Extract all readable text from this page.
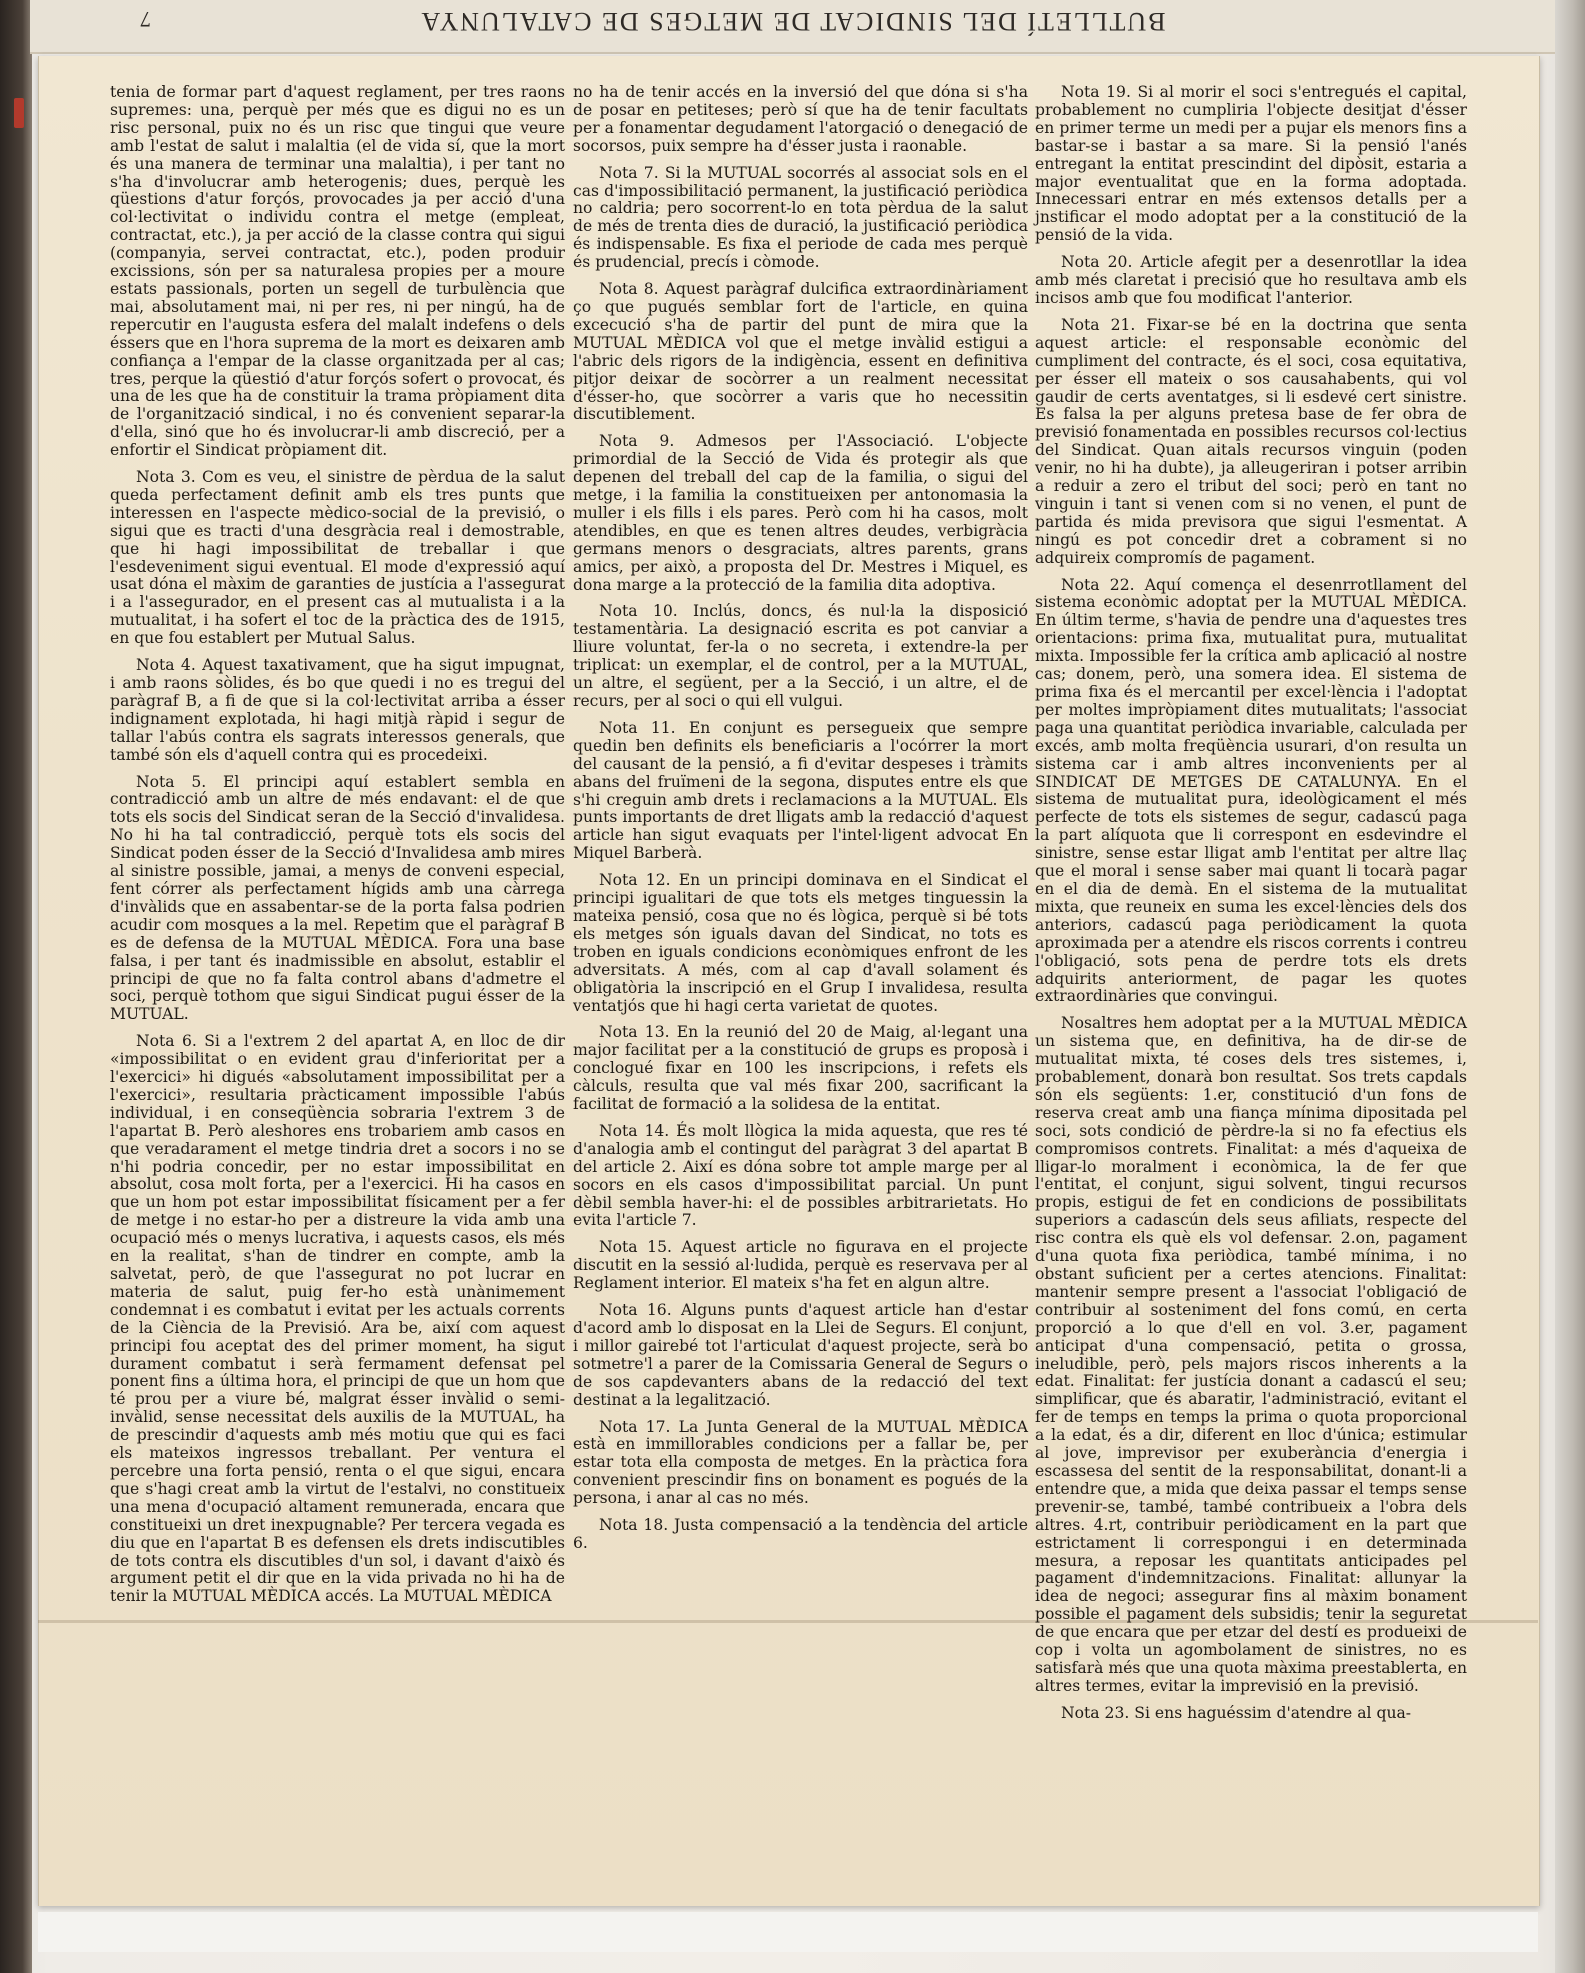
7	BUTLLETÍ DEL SINDICAT DE METGES DE CATALUNYA

tenia de formar part d'aquest reglament, per tres raons supremes: una, perquè per més que es digui no es un risc personal, puix no és un risc que tingui que veure amb l'estat de salut i malaltia (el de vida sí, que la mort és una manera de terminar una malaltia), i per tant no s'ha d'involucrar amb heterogenis; dues, perquè les qüestions d'atur forçós, provocades ja per acció d'una col·lectivitat o individu contra el metge (empleat, contractat, etc.), ja per acció de la classe contra qui sigui (companyia, servei contractat, etc.), poden produir excissions, són per sa naturalesa propies per a moure estats passionals, porten un segell de turbulència que mai, absolutament mai, ni per res, ni per ningú, ha de repercutir en l'augusta esfera del malalt indefens o dels éssers que en l'hora suprema de la mort es deixaren amb confiança a l'empar de la classe organitzada per al cas; tres, perque la qüestió d'atur forçós sofert o provocat, és una de les que ha de constituir la trama pròpiament dita de l'organització sindical, i no és convenient separar-la d'ella, sinó que ho és involucrar-li amb discreció, per a enfortir el Sindicat pròpiament dit.

Nota 3. Com es veu, el sinistre de pèrdua de la salut queda perfectament definit amb els tres punts que interessen en l'aspecte mèdico-social de la previsió, o sigui que es tracti d'una desgràcia real i demostrable, que hi hagi impossibilitat de treballar i que l'esdeveniment sigui eventual. El mode d'expressió aquí usat dóna el màxim de garanties de justícia a l'assegurat i a l'assegurador, en el present cas al mutualista i a la mutualitat, i ha sofert el toc de la pràctica des de 1915, en que fou establert per Mutual Salus.

Nota 4. Aquest taxativament, que ha sigut impugnat, i amb raons sòlides, és bo que quedi i no es tregui del paràgraf B, a fi de que si la col·lectivitat arriba a ésser indignament explotada, hi hagi mitjà ràpid i segur de tallar l'abús contra els sagrats interessos generals, que també són els d'aquell contra qui es procedeixi.

Nota 5. El principi aquí establert sembla en contradicció amb un altre de més endavant: el de que tots els socis del Sindicat seran de la Secció d'invalidesa. No hi ha tal contradicció, perquè tots els socis del Sindicat poden ésser de la Secció d'Invalidesa amb mires al sinistre possible, jamai, a menys de conveni especial, fent córrer als perfectament hígids amb una càrrega d'invàlids que en assabentar-se de la porta falsa podrien acudir com mosques a la mel. Repetim que el paràgraf B es de defensa de la MUTUAL MÈDICA. Fora una base falsa, i per tant és inadmissible en absolut, establir el principi de que no fa falta control abans d'admetre el soci, perquè tothom que sigui Sindicat pugui ésser de la MUTUAL.

Nota 6. Si a l'extrem 2 del apartat A, en lloc de dir «impossibilitat o en evident grau d'inferioritat per a l'exercici» hi digués «absolutament impossibilitat per a l'exercici», resultaria pràcticament impossible l'abús individual, i en conseqüència sobraria l'extrem 3 de l'apartat B. Però aleshores ens trobariem amb casos en que veradarament el metge tindria dret a socors i no se n'hi podria concedir, per no estar impossibilitat en absolut, cosa molt forta, per a l'exercici. Hi ha casos en que un hom pot estar impossibilitat físicament per a fer de metge i no estar-ho per a distreure la vida amb una ocupació més o menys lucrativa, i aquests casos, els més en la realitat, s'han de tindrer en compte, amb la salvetat, però, de que l'assegurat no pot lucrar en materia de salut, puig fer-ho està unànimement condemnat i es combatut i evitat per les actuals corrents de la Ciència de la Previsió. Ara be, així com aquest principi fou aceptat des del primer moment, ha sigut durament combatut i serà fermament defensat pel ponent fins a última hora, el principi de que un hom que té prou per a viure bé, malgrat ésser invàlid o semi-invàlid, sense necessitat dels auxilis de la MUTUAL, ha de prescindir d'aquests amb més motiu que qui es faci els mateixos ingressos treballant. Per ventura el percebre una forta pensió, renta o el que sigui, encara que s'hagi creat amb la virtut de l'estalvi, no constitueix una mena d'ocupació altament remunerada, encara que constitueixi un dret inexpugnable? Per tercera vegada es diu que en l'apartat B es defensen els drets indiscutibles de tots contra els discutibles d'un sol, i davant d'això és argument petit el dir que en la vida privada no hi ha de tenir la MUTUAL MÈDICA accés. La MUTUAL MÈDICA

no ha de tenir accés en la inversió del que dóna si s'ha de posar en petiteses; però sí que ha de tenir facultats per a fonamentar degudament l'atorgació o denegació de socorsos, puix sempre ha d'ésser justa i raonable.

Nota 7. Si la MUTUAL socorrés al associat sols en el cas d'impossibilitació permanent, la justificació periòdica no caldria; pero socorrent-lo en tota pèrdua de la salut de més de trenta dies de duració, la justificació periòdica és indispensable. Es fixa el periode de cada mes perquè és prudencial, precís i còmode.

Nota 8. Aquest paràgraf dulcifica extraordinàriament ço que pugués semblar fort de l'article, en quina excecució s'ha de partir del punt de mira que la MUTUAL MÈDICA vol que el metge invàlid estigui a l'abric dels rigors de la indigència, essent en definitiva pitjor deixar de socòrrer a un realment necessitat d'ésser-ho, que socòrrer a varis que ho necessitin discutiblement.

Nota 9. Admesos per l'Associació. L'objecte primordial de la Secció de Vida és protegir als que depenen del treball del cap de la familia, o sigui del metge, i la familia la constitueixen per antonomasia la muller i els fills i els pares. Però com hi ha casos, molt atendibles, en que es tenen altres deudes, verbigràcia germans menors o desgraciats, altres parents, grans amics, per això, a proposta del Dr. Mestres i Miquel, es dona marge a la protecció de la familia dita adoptiva.

Nota 10. Inclús, doncs, és nul·la la disposició testamentària. La designació escrita es pot canviar a lliure voluntat, fer-la o no secreta, i extendre-la per triplicat: un exemplar, el de control, per a la MUTUAL, un altre, el següent, per a la Secció, i un altre, el de recurs, per al soci o qui ell vulgui.

Nota 11. En conjunt es persegueix que sempre quedin ben definits els beneficiaris a l'ocórrer la mort del causant de la pensió, a fi d'evitar despeses i tràmits abans del fruïmeni de la segona, disputes entre els que s'hi creguin amb drets i reclamacions a la MUTUAL. Els punts importants de dret lligats amb la redacció d'aquest article han sigut evaquats per l'intel·ligent advocat En Miquel Barberà.

Nota 12. En un principi dominava en el Sindicat el principi igualitari de que tots els metges tinguessin la mateixa pensió, cosa que no és lògica, perquè si bé tots els metges són iguals davan del Sindicat, no tots es troben en iguals condicions econòmiques enfront de les adversitats. A més, com al cap d'avall solament és obligatòria la inscripció en el Grup I invalidesa, resulta ventatjós que hi hagi certa varietat de quotes.

Nota 13. En la reunió del 20 de Maig, al·legant una major facilitat per a la constitució de grups es proposà i conclogué fixar en 100 les inscripcions, i refets els càlculs, resulta que val més fixar 200, sacrificant la facilitat de formació a la solidesa de la entitat.

Nota 14. És molt llògica la mida aquesta, que res té d'analogia amb el contingut del paràgrat 3 del apartat B del article 2. Així es dóna sobre tot ample marge per al socors en els casos d'impossibilitat parcial. Un punt dèbil sembla haver-hi: el de possibles arbitrarietats. Ho evita l'article 7.

Nota 15. Aquest article no figurava en el projecte discutit en la sessió al·ludida, perquè es reservava per al Reglament interior. El mateix s'ha fet en algun altre.

Nota 16. Alguns punts d'aquest article han d'estar d'acord amb lo disposat en la Llei de Segurs. El conjunt, i millor gairebé tot l'articulat d'aquest projecte, serà bo sotmetre'l a parer de la Comissaria General de Segurs o de sos capdevanters abans de la redacció del text destinat a la legalització.

Nota 17. La Junta General de la MUTUAL MÈDICA està en immillorables condicions per a fallar be, per estar tota ella composta de metges. En la pràctica fora convenient prescindir fins on bonament es pogués de la persona, i anar al cas no més.

Nota 18. Justa compensació a la tendència del article 6.

Nota 19. Si al morir el soci s'entregués el capital, probablement no cumpliria l'objecte desitjat d'ésser en primer terme un medi per a pujar els menors fins a bastar-se i bastar a sa mare. Si la pensió l'anés entregant la entitat prescindint del dipòsit, estaria a major eventualitat que en la forma adoptada. Innecessari entrar en més extensos detalls per a jnstificar el modo adoptat per a la constitució de la pensió de la vida.

Nota 20. Article afegit per a desenrotllar la idea amb més claretat i precisió que ho resultava amb els incisos amb que fou modificat l'anterior.

Nota 21. Fixar-se bé en la doctrina que senta aquest article: el responsable econòmic del cumpliment del contracte, és el soci, cosa equitativa, per ésser ell mateix o sos causahabents, qui vol gaudir de certs aventatges, si li esdevé cert sinistre. Es falsa la per alguns pretesa base de fer obra de previsió fonamentada en possibles recursos col·lectius del Sindicat. Quan aitals recursos vinguin (poden venir, no hi ha dubte), ja alleugeriran i potser arribin a reduir a zero el tribut del soci; però en tant no vinguin i tant si venen com si no venen, el punt de partida és mida previsora que sigui l'esmentat. A ningú es pot concedir dret a cobrament si no adquireix compromís de pagament.

Nota 22. Aquí comença el desenrrotllament del sistema econòmic adoptat per la MUTUAL MÈDICA. En últim terme, s'havia de pendre una d'aquestes tres orientacions: prima fixa, mutualitat pura, mutualitat mixta. Impossible fer la crítica amb aplicació al nostre cas; donem, però, una somera idea. El sistema de prima fixa és el mercantil per excel·lència i l'adoptat per moltes impròpiament dites mutualitats; l'associat paga una quantitat periòdica invariable, calculada per excés, amb molta freqüència usurari, d'on resulta un sistema car i amb altres inconvenients per al SINDICAT DE METGES DE CATALUNYA. En el sistema de mutualitat pura, ideològicament el més perfecte de tots els sistemes de segur, cadascú paga la part alíquota que li correspont en esdevindre el sinistre, sense estar lligat amb l'entitat per altre llaç que el moral i sense saber mai quant li tocarà pagar en el dia de demà. En el sistema de la mutualitat mixta, que reuneix en suma les excel·lències dels dos anteriors, cadascú paga periòdicament la quota aproximada per a atendre els riscos corrents i contreu l'obligació, sots pena de perdre tots els drets adquirits anteriorment, de pagar les quotes extraordinàries que convingui.

Nosaltres hem adoptat per a la MUTUAL MÈDICA un sistema que, en definitiva, ha de dir-se de mutualitat mixta, té coses dels tres sistemes, i, probablement, donarà bon resultat. Sos trets capdals són els següents: 1.er, constitució d'un fons de reserva creat amb una fiança mínima dipositada pel soci, sots condició de pèrdre-la si no fa efectius els compromisos contrets. Finalitat: a més d'aqueixa de lligar-lo moralment i econòmica, la de fer que l'entitat, el conjunt, sigui solvent, tingui recursos propis, estigui de fet en condicions de possibilitats superiors a cadascún dels seus afiliats, respecte del risc contra els què els vol defensar. 2.on, pagament d'una quota fixa periòdica, també mínima, i no obstant suficient per a certes atencions. Finalitat: mantenir sempre present a l'associat l'obligació de contribuir al sosteniment del fons comú, en certa proporció a lo que d'ell en vol. 3.er, pagament anticipat d'una compensació, petita o grossa, ineludible, però, pels majors riscos inherents a la edat. Finalitat: fer justícia donant a cadascú el seu; simplificar, que és abaratir, l'administració, evitant el fer de temps en temps la prima o quota proporcional a la edat, és a dir, diferent en lloc d'única; estimular al jove, imprevisor per exuberància d'energia i escassesa del sentit de la responsabilitat, donant-li a entendre que, a mida que deixa passar el temps sense prevenir-se, també, també contribueix a l'obra dels altres. 4.rt, contribuir periòdicament en la part que estrictament li correspongui i en determinada mesura, a reposar les quantitats anticipades pel pagament d'indemnitzacions. Finalitat: allunyar la idea de negoci; assegurar fins al màxim bonament possible el pagament dels subsidis; tenir la seguretat de que encara que per etzar del destí es produeixi de cop i volta un agombolament de sinistres, no es satisfarà més que una quota màxima preestablerta, en altres termes, evitar la imprevisió en la previsió.

Nota 23. Si ens haguéssim d'atendre al qua-
